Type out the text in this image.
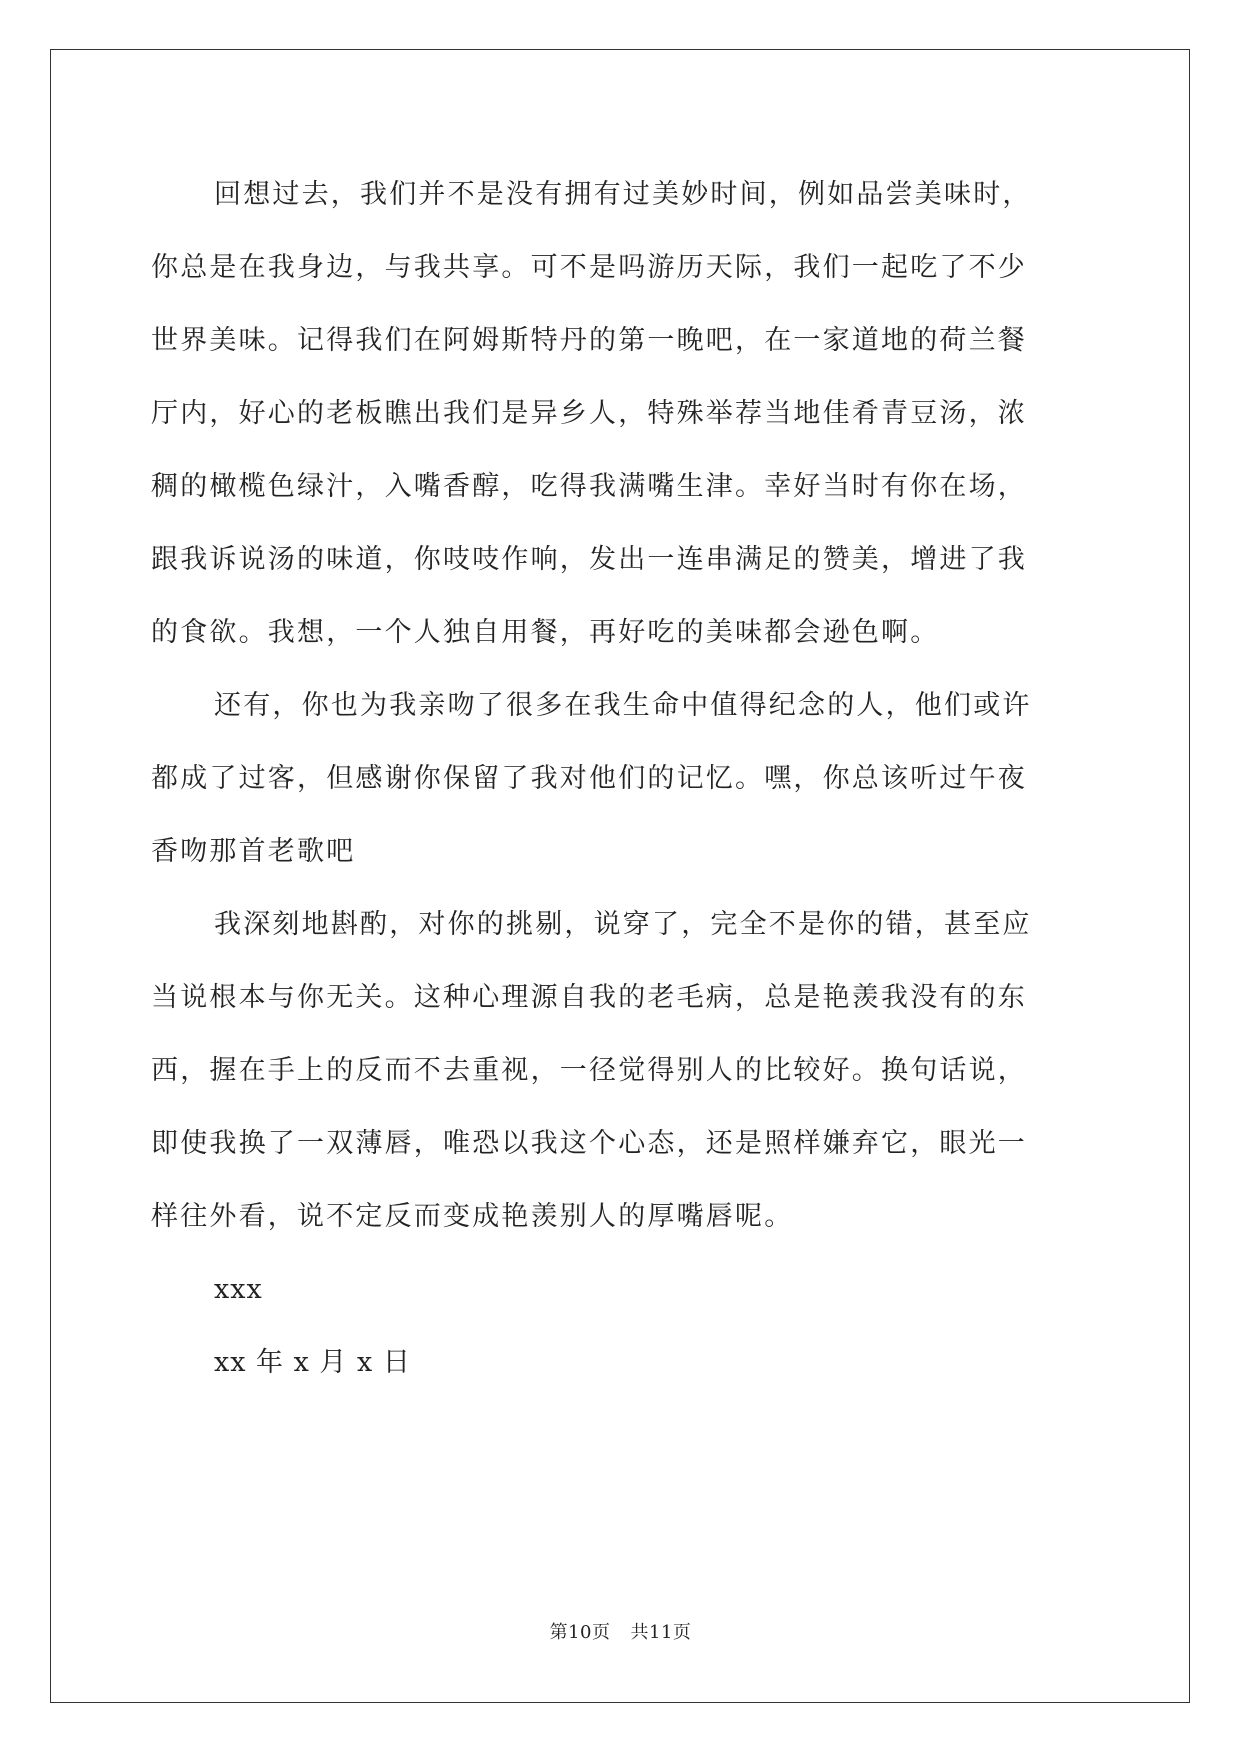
回想过去，我们并不是没有拥有过美妙时间，例如品尝美味时，
你总是在我身边，与我共享。可不是吗游历天际，我们一起吃了不少
世界美味。记得我们在阿姆斯特丹的第一晚吧，在一家道地的荷兰餐
厅内，好心的老板瞧出我们是异乡人，特殊举荐当地佳肴青豆汤，浓
稠的橄榄色绿汁，入嘴香醇，吃得我满嘴生津。幸好当时有你在场，
跟我诉说汤的味道，你吱吱作响，发出一连串满足的赞美，增进了我
的食欲。我想，一个人独自用餐，再好吃的美味都会逊色啊。

还有，你也为我亲吻了很多在我生命中值得纪念的人，他们或许
都成了过客，但感谢你保留了我对他们的记忆。嘿，你总该听过午夜
香吻那首老歌吧

我深刻地斟酌，对你的挑剔，说穿了，完全不是你的错，甚至应
当说根本与你无关。这种心理源自我的老毛病，总是艳羡我没有的东
西，握在手上的反而不去重视，一径觉得别人的比较好。换句话说，
即使我换了一双薄唇，唯恐以我这个心态，还是照样嫌弃它，眼光一
样往外看，说不定反而变成艳羡别人的厚嘴唇呢。

xxx

xx 年 x 月 x 日

第10页 共11页
